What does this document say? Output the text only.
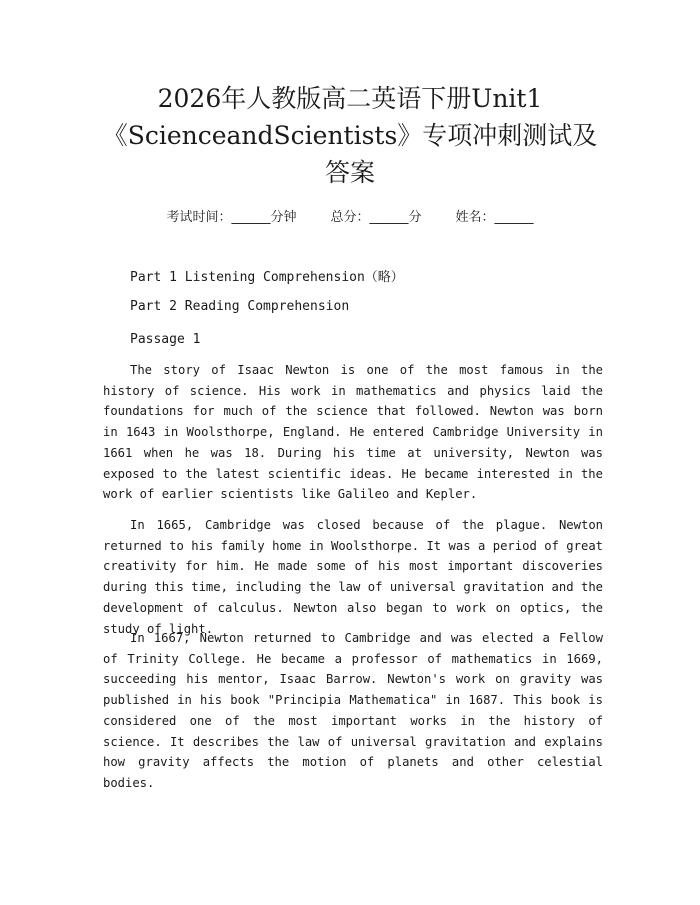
2026年人教版高二英语下册Unit1
《ScienceandScientists》专项冲刺测试及
答案
考试时间：______分钟	总分：______分	姓名：______
Part 1 Listening Comprehension（略）
Part 2 Reading Comprehension
Passage 1

The story of Isaac Newton is one of the most famous in the history of science. His work in mathematics and physics laid the foundations for much of the science that followed. Newton was born in 1643 in Woolsthorpe, England. He entered Cambridge University in 1661 when he was 18. During his time at university, Newton was exposed to the latest scientific ideas. He became interested in the work of earlier scientists like Galileo and Kepler.

In 1665, Cambridge was closed because of the plague. Newton returned to his family home in Woolsthorpe. It was a period of great creativity for him. He made some of his most important discoveries during this time, including the law of universal gravitation and the development of calculus. Newton also began to work on optics, the study of light.

In 1667, Newton returned to Cambridge and was elected a Fellow of Trinity College. He became a professor of mathematics in 1669, succeeding his mentor, Isaac Barrow. Newton's work on gravity was published in his book "Principia Mathematica" in 1687. This book is considered one of the most important works in the history of science. It describes the law of universal gravitation and explains how gravity affects the motion of planets and other celestial bodies.
